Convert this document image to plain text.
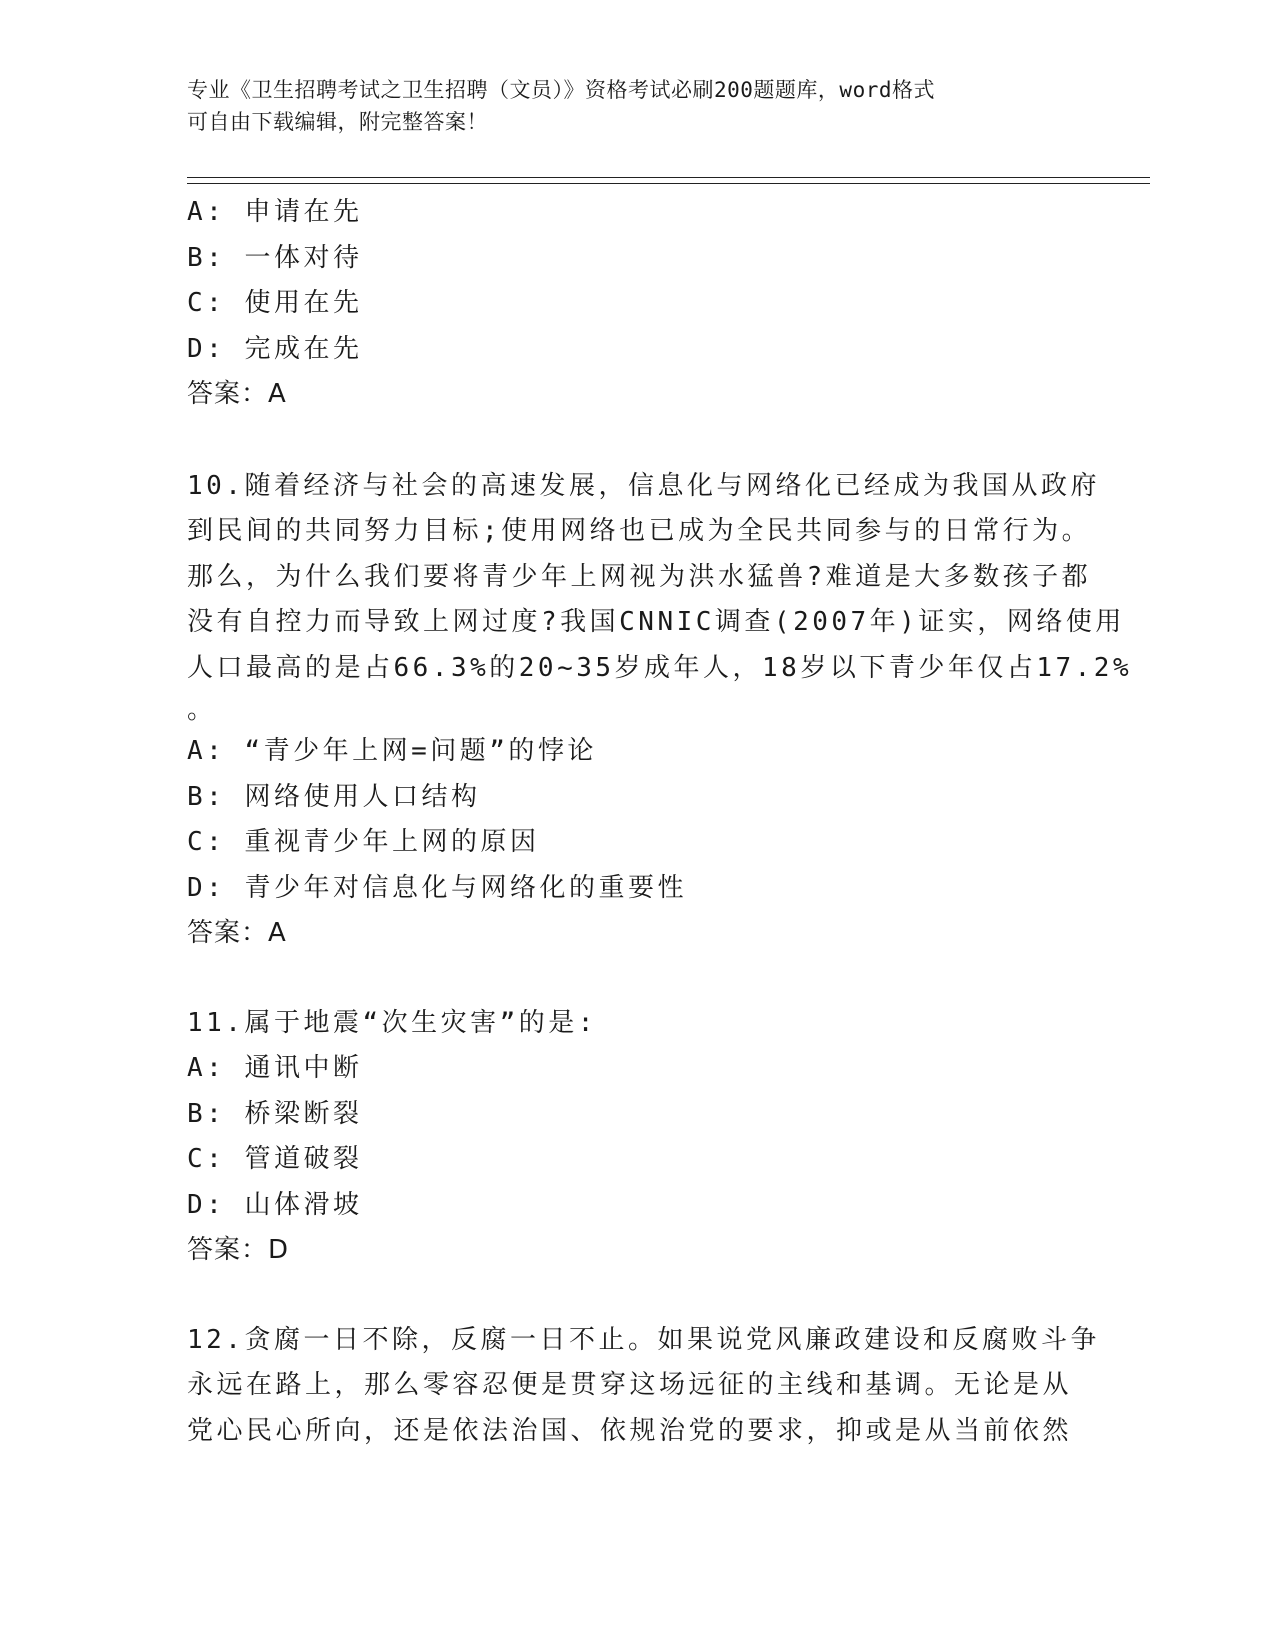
专业《卫生招聘考试之卫生招聘（文员）》资格考试必刷200题题库，word格式
可自由下载编辑，附完整答案！
A: 申请在先
B: 一体对待
C: 使用在先
D: 完成在先
答案：A
10.随着经济与社会的高速发展，信息化与网络化已经成为我国从政府
到民间的共同努力目标;使用网络也已成为全民共同参与的日常行为。
那么，为什么我们要将青少年上网视为洪水猛兽?难道是大多数孩子都
没有自控力而导致上网过度?我国CNNIC调查(2007年)证实，网络使用
人口最高的是占66.3%的20~35岁成年人，18岁以下青少年仅占17.2%
。
A: “青少年上网=问题”的悖论
B: 网络使用人口结构
C: 重视青少年上网的原因
D: 青少年对信息化与网络化的重要性
答案：A
11.属于地震“次生灾害”的是:
A: 通讯中断
B: 桥梁断裂
C: 管道破裂
D: 山体滑坡
答案：D
12.贪腐一日不除，反腐一日不止。如果说党风廉政建设和反腐败斗争
永远在路上，那么零容忍便是贯穿这场远征的主线和基调。无论是从
党心民心所向，还是依法治国、依规治党的要求，抑或是从当前依然
